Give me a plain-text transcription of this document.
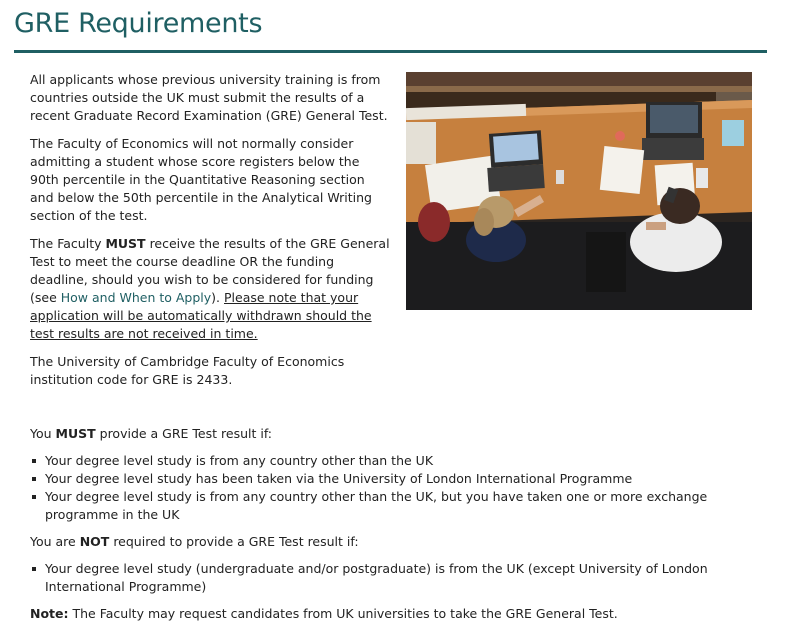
GRE Requirements

All applicants whose previous university training is from countries outside the UK must submit the results of a recent Graduate Record Examination (GRE) General Test.

The Faculty of Economics will not normally consider admitting a student whose score registers below the 90th percentile in the Quantitative Reasoning section and below the 50th percentile in the Analytical Writing section of the test.

The Faculty MUST receive the results of the GRE General Test to meet the course deadline OR the funding deadline, should you wish to be considered for funding (see How and When to Apply). Please note that your application will be automatically withdrawn should the test results are not received in time.

The University of Cambridge Faculty of Economics institution code for GRE is 2433.

You MUST provide a GRE Test result if:

Your degree level study is from any country other than the UK
Your degree level study has been taken via the University of London International Programme
Your degree level study is from any country other than the UK, but you have taken one or more exchange programme in the UK

You are NOT required to provide a GRE Test result if:

Your degree level study (undergraduate and/or postgraduate) is from the UK (except University of London International Programme)

Note: The Faculty may request candidates from UK universities to take the GRE General Test.
